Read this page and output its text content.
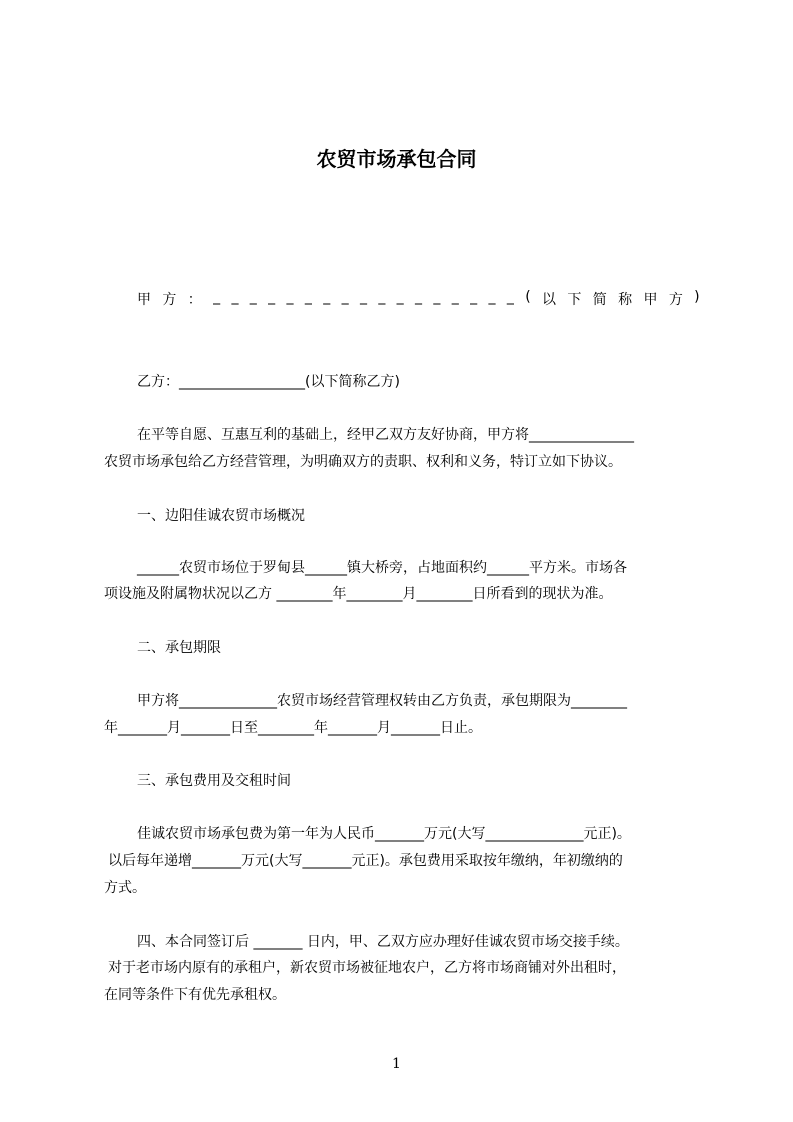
农贸市场承包合同
甲 方 ： _ _ _ _ _ _ _ _ _ _ _ _ _ _ _ _ _ ( 以 下 简 称 甲 方 )
乙方：__________________(以下简称乙方)
在平等自愿、互惠互利的基础上，经甲乙双方友好协商，甲方将_______________
农贸市场承包给乙方经营管理，为明确双方的责职、权利和义务，特订立如下协议。
一、边阳佳诚农贸市场概况
______农贸市场位于罗甸县______镇大桥旁，占地面积约______平方米。市场各
项设施及附属物状况以乙方 ________年________月________日所看到的现状为准。
二、承包期限
甲方将______________农贸市场经营管理权转由乙方负责，承包期限为________
年_______月_______日至________年_______月_______日止。
三、承包费用及交租时间
佳诚农贸市场承包费为第一年为人民币_______万元(大写______________元正)。
以后每年递增_______万元(大写_______元正)。承包费用采取按年缴纳，年初缴纳的
方式。
四、本合同签订后 _______ 日内，甲、乙双方应办理好佳诚农贸市场交接手续。
对于老市场内原有的承租户，新农贸市场被征地农户，乙方将市场商铺对外出租时，
在同等条件下有优先承租权。
1
